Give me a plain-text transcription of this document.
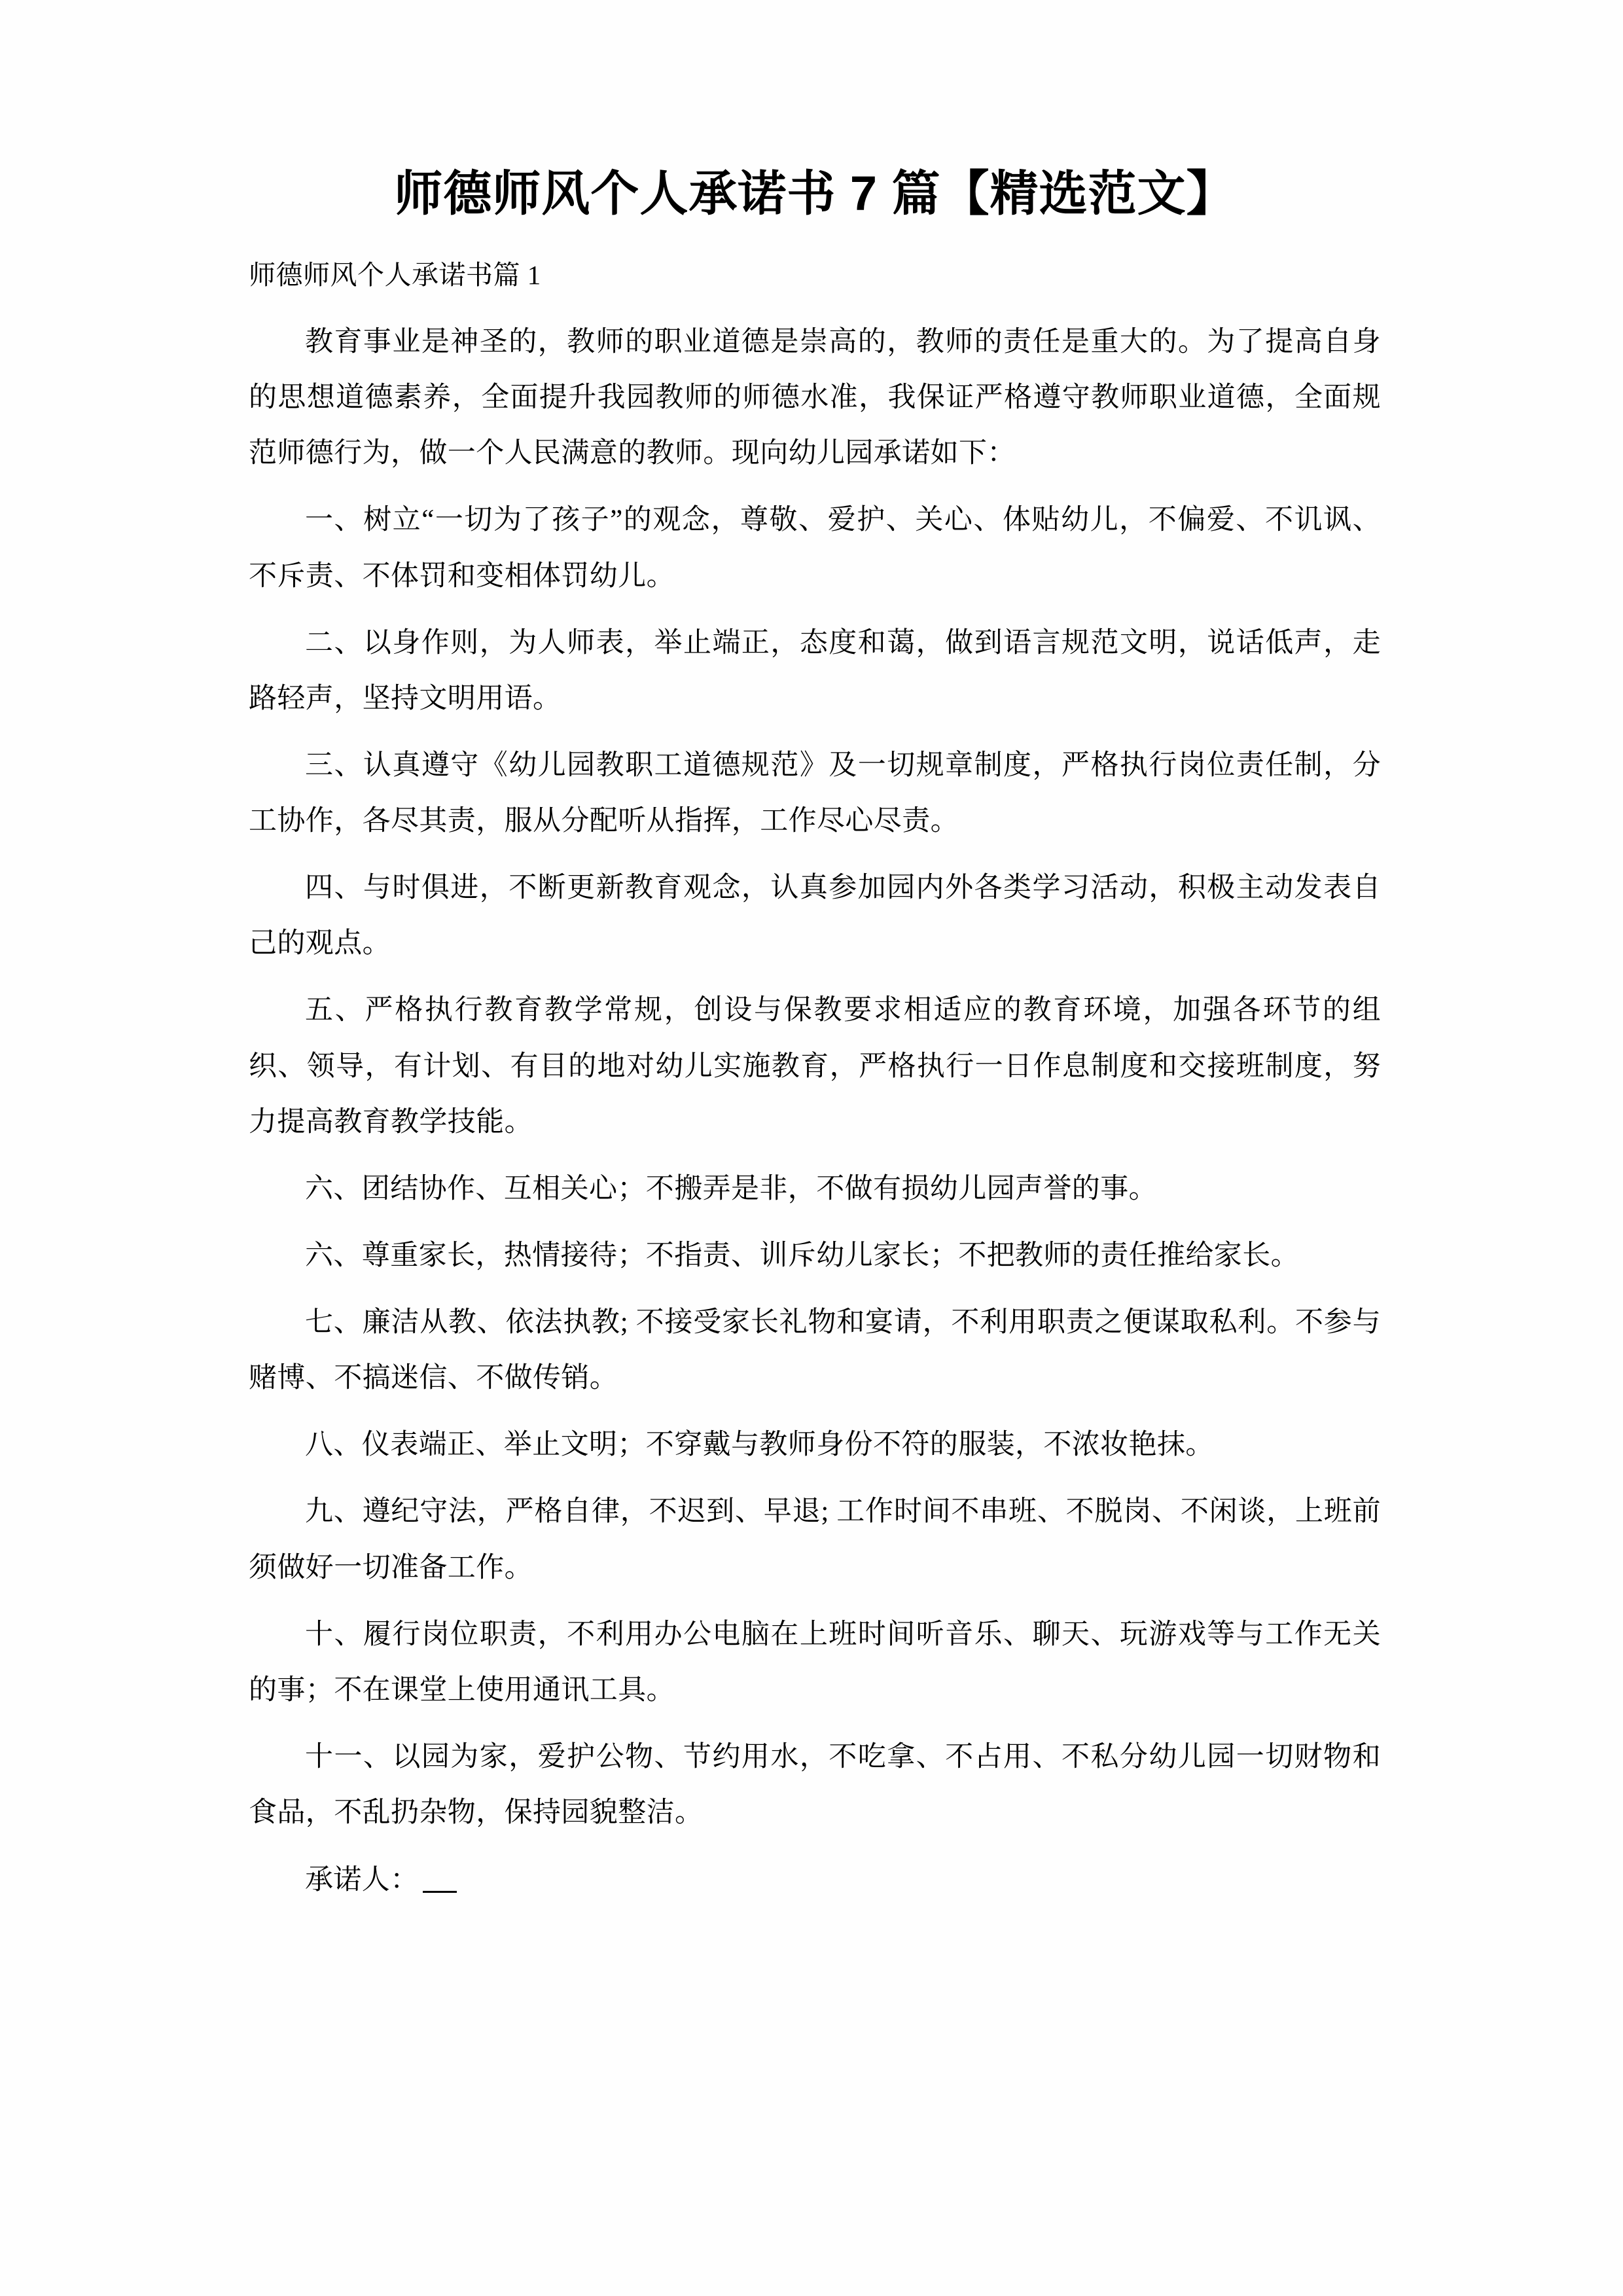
师德师风个人承诺书 7 篇【精选范文】

师德师风个人承诺书篇 1

教育事业是神圣的，教师的职业道德是崇高的，教师的责任是重大的。为了提高自身的思想道德素养，全面提升我园教师的师德水准，我保证严格遵守教师职业道德，全面规范师德行为，做一个人民满意的教师。现向幼儿园承诺如下：

一、树立“一切为了孩子”的观念，尊敬、爱护、关心、体贴幼儿，不偏爱、不讥讽、不斥责、不体罚和变相体罚幼儿。

二、以身作则，为人师表，举止端正，态度和蔼，做到语言规范文明，说话低声，走路轻声，坚持文明用语。

三、认真遵守《幼儿园教职工道德规范》及一切规章制度，严格执行岗位责任制，分工协作，各尽其责，服从分配听从指挥，工作尽心尽责。

四、与时俱进，不断更新教育观念，认真参加园内外各类学习活动，积极主动发表自己的观点。

五、严格执行教育教学常规，创设与保教要求相适应的教育环境，加强各环节的组织、领导，有计划、有目的地对幼儿实施教育，严格执行一日作息制度和交接班制度，努力提高教育教学技能。

六、团结协作、互相关心；不搬弄是非，不做有损幼儿园声誉的事。

六、尊重家长，热情接待；不指责、训斥幼儿家长；不把教师的责任推给家长。

七、廉洁从教、依法执教; 不接受家长礼物和宴请，不利用职责之便谋取私利。不参与赌博、不搞迷信、不做传销。

八、仪表端正、举止文明；不穿戴与教师身份不符的服装，不浓妆艳抹。

九、遵纪守法，严格自律，不迟到、早退; 工作时间不串班、不脱岗、不闲谈，上班前须做好一切准备工作。

十、履行岗位职责，不利用办公电脑在上班时间听音乐、聊天、玩游戏等与工作无关的事；不在课堂上使用通讯工具。

十一、以园为家，爱护公物、节约用水，不吃拿、不占用、不私分幼儿园一切财物和食品，不乱扔杂物，保持园貌整洁。

承诺人：
